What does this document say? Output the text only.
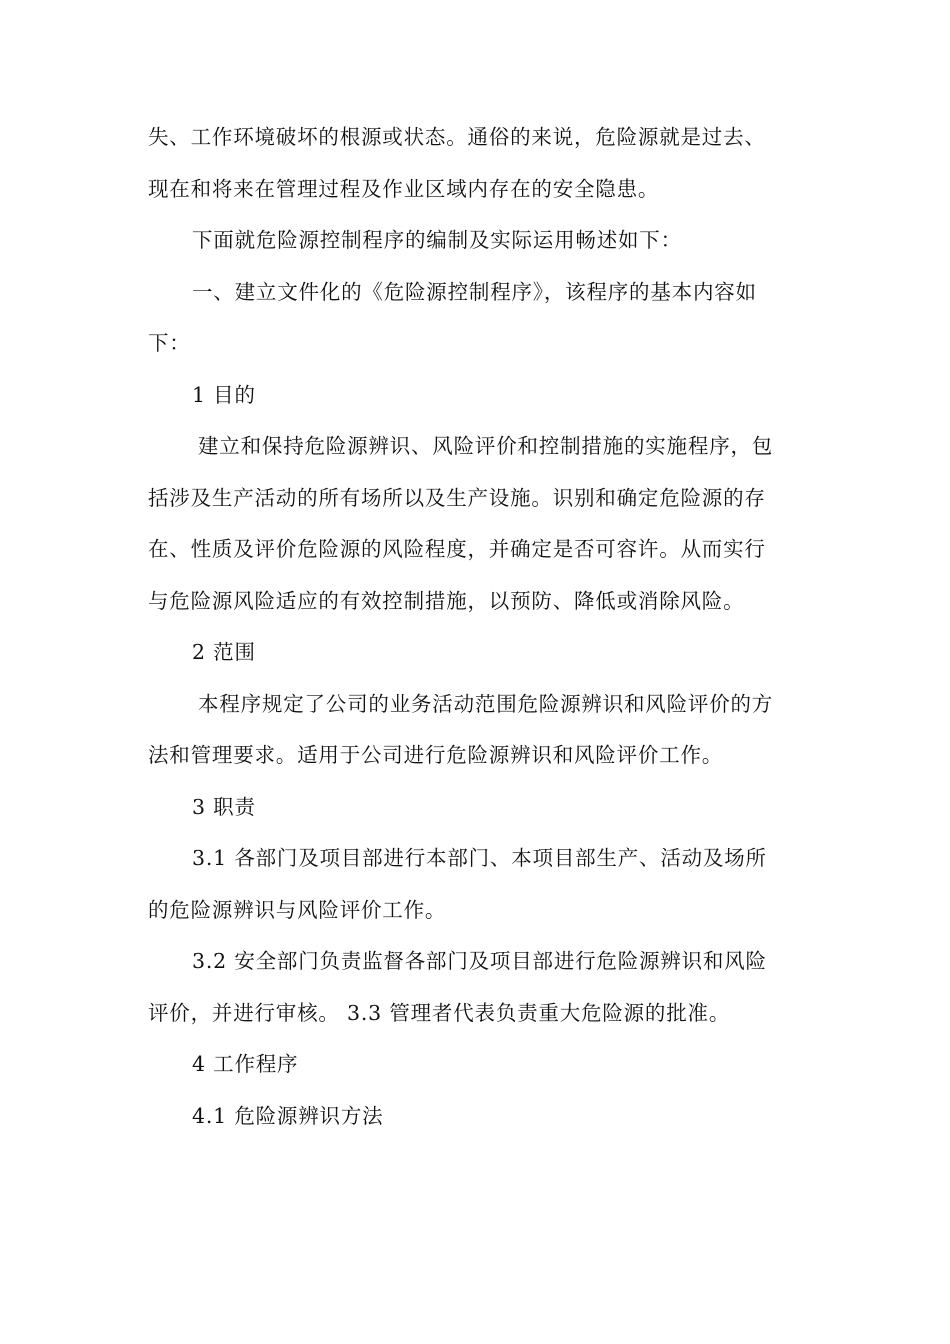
失、工作环境破坏的根源或状态。通俗的来说，危险源就是过去、
现在和将来在管理过程及作业区域内存在的安全隐患。
下面就危险源控制程序的编制及实际运用畅述如下：
一、建立文件化的《危险源控制程序》，该程序的基本内容如
下：
1 目的
建立和保持危险源辨识、风险评价和控制措施的实施程序，包
括涉及生产活动的所有场所以及生产设施。识别和确定危险源的存
在、性质及评价危险源的风险程度，并确定是否可容许。从而实行
与危险源风险适应的有效控制措施，以预防、降低或消除风险。
2 范围
本程序规定了公司的业务活动范围危险源辨识和风险评价的方
法和管理要求。适用于公司进行危险源辨识和风险评价工作。
3 职责
3.1 各部门及项目部进行本部门、本项目部生产、活动及场所
的危险源辨识与风险评价工作。
3.2 安全部门负责监督各部门及项目部进行危险源辨识和风险
评价，并进行审核。 3.3 管理者代表负责重大危险源的批准。
4 工作程序
4.1 危险源辨识方法
